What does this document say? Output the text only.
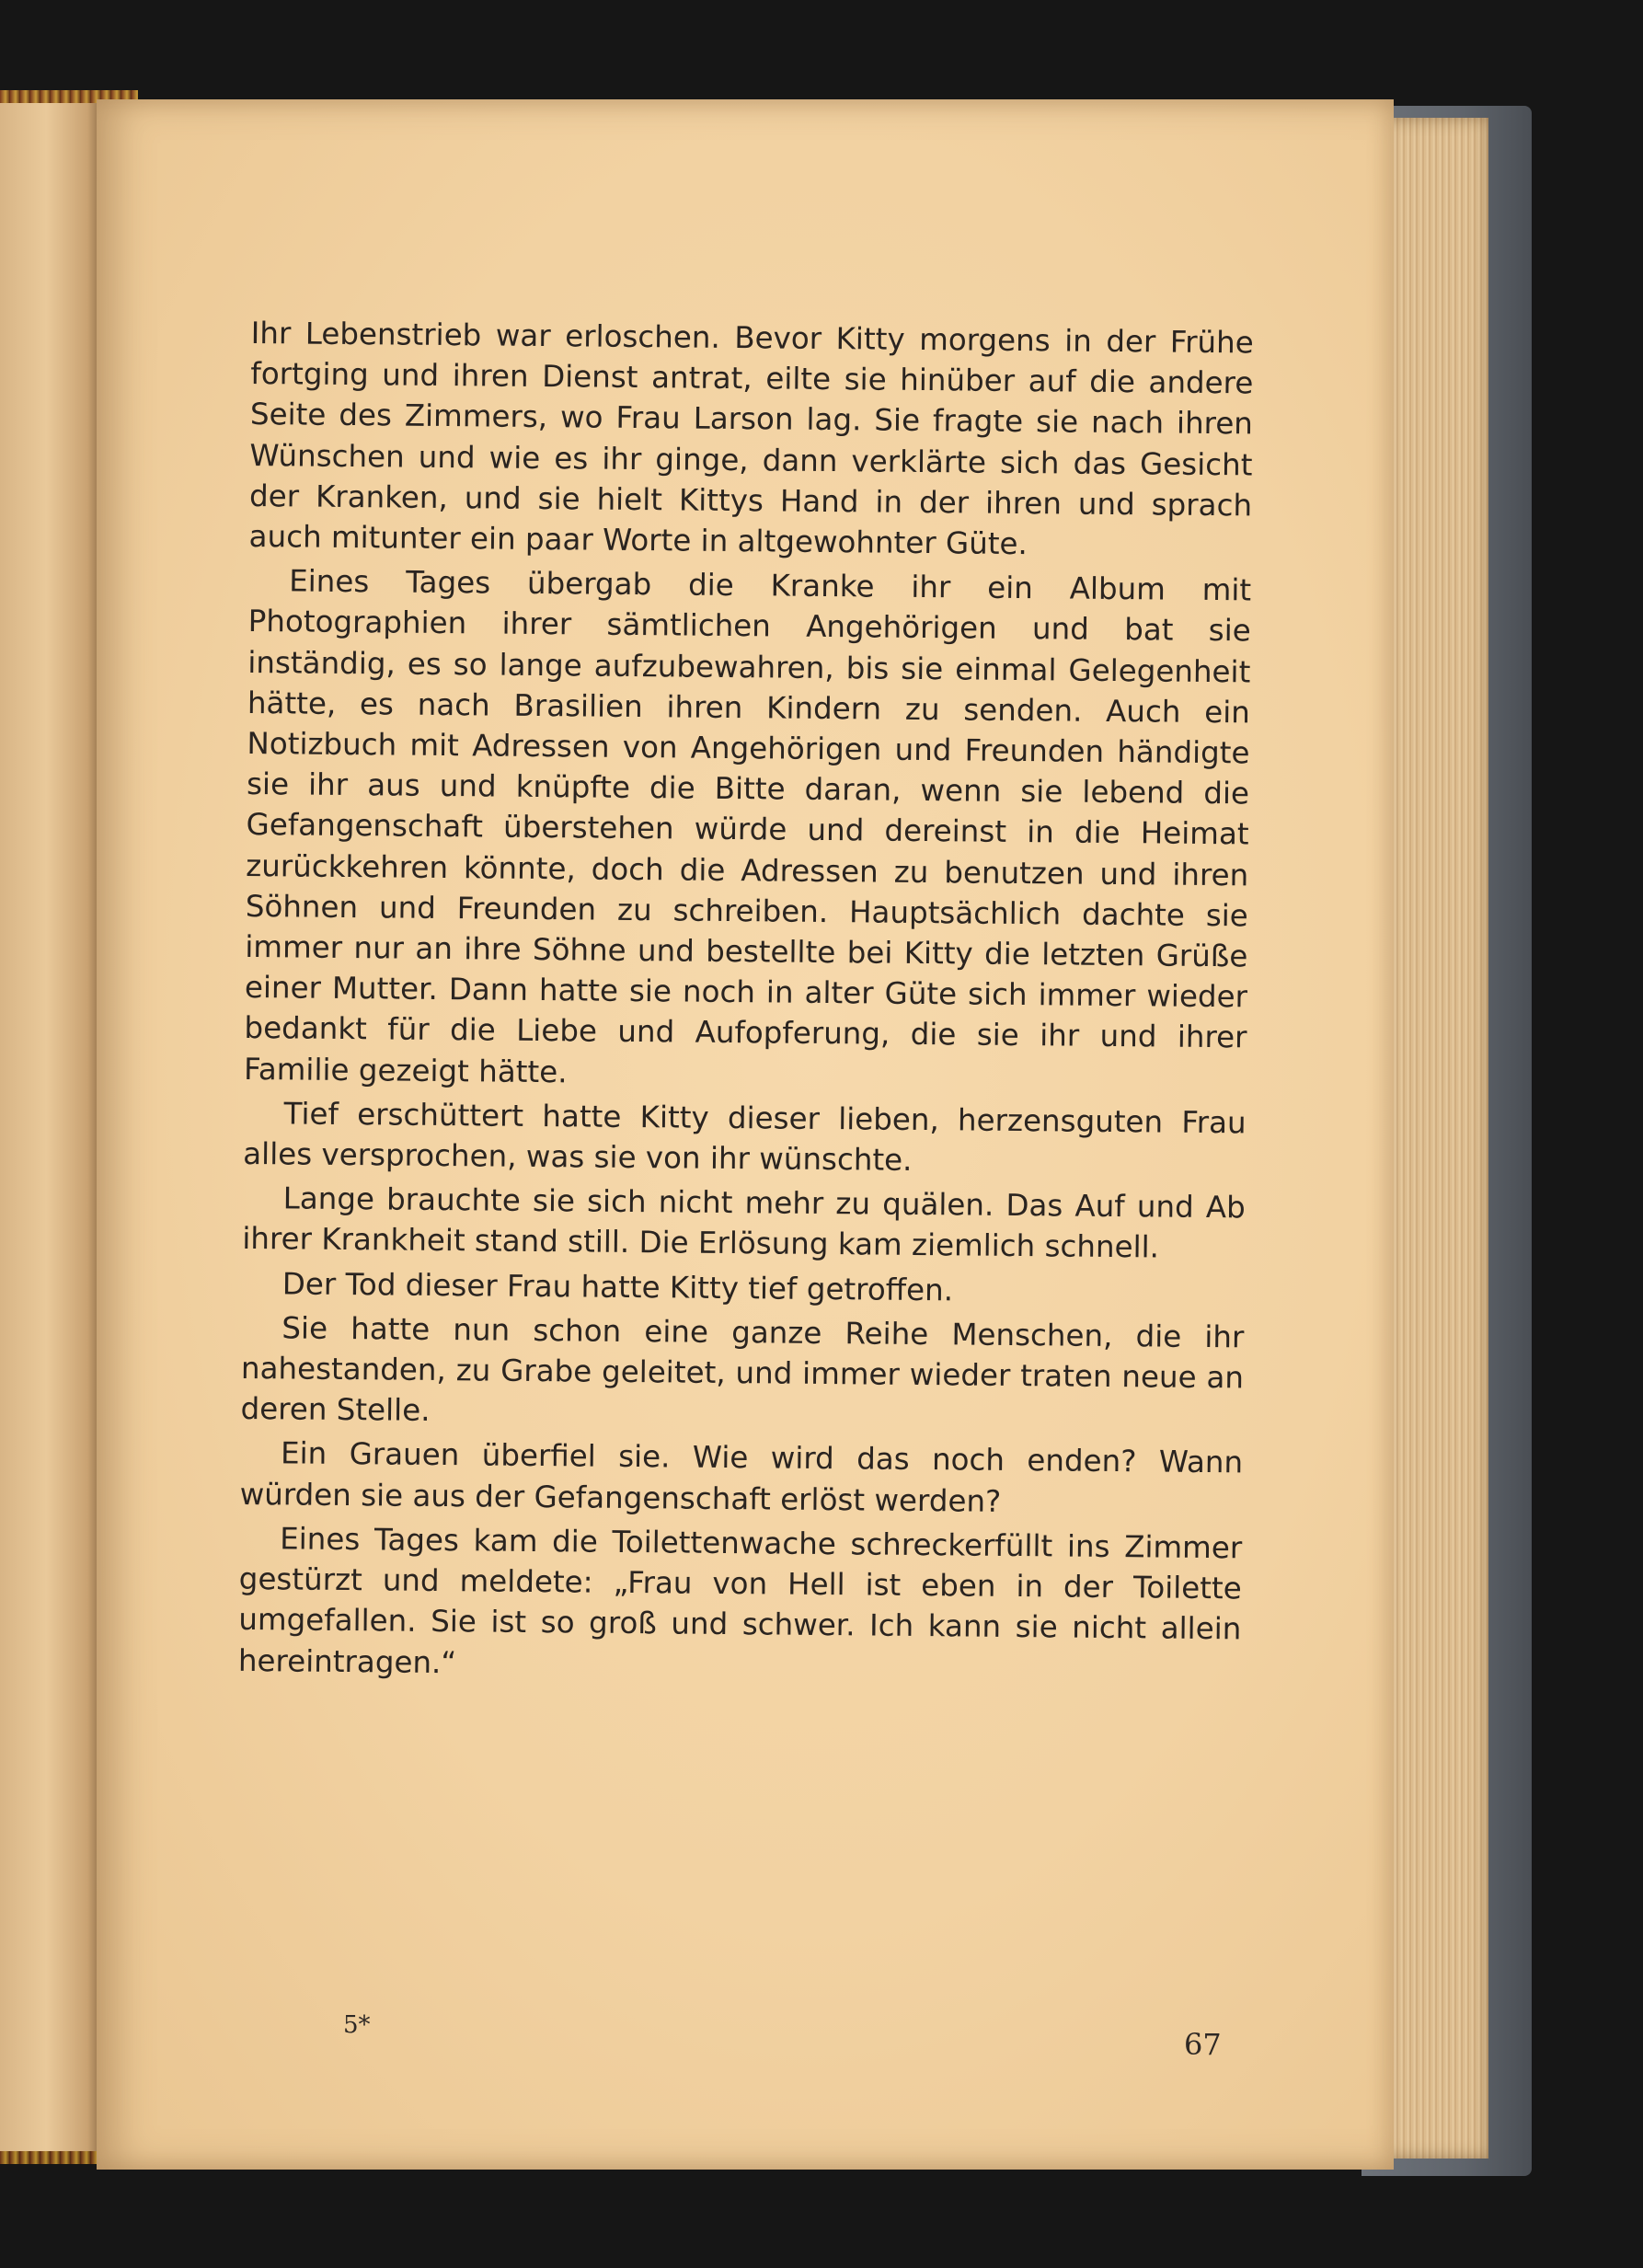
Ihr Lebenstrieb war erloschen. Bevor Kitty morgens in der Frühe fortging und ihren Dienst antrat, eilte sie hinüber auf die andere Seite des Zimmers, wo Frau Larson lag. Sie fragte sie nach ihren Wünschen und wie es ihr ginge, dann verklärte sich das Gesicht der Kranken, und sie hielt Kittys Hand in der ihren und sprach auch mitunter ein paar Worte in altgewohnter Güte.

Eines Tages übergab die Kranke ihr ein Album mit Photographien ihrer sämtlichen Angehörigen und bat sie inständig, es so lange aufzubewahren, bis sie einmal Gelegenheit hätte, es nach Brasilien ihren Kindern zu senden. Auch ein Notizbuch mit Adressen von Angehörigen und Freunden händigte sie ihr aus und knüpfte die Bitte daran, wenn sie lebend die Gefangenschaft überstehen würde und dereinst in die Heimat zurückkehren könnte, doch die Adressen zu benutzen und ihren Söhnen und Freunden zu schreiben. Hauptsächlich dachte sie immer nur an ihre Söhne und bestellte bei Kitty die letzten Grüße einer Mutter. Dann hatte sie noch in alter Güte sich immer wieder bedankt für die Liebe und Aufopferung, die sie ihr und ihrer Familie gezeigt hätte.

Tief erschüttert hatte Kitty dieser lieben, herzensguten Frau alles versprochen, was sie von ihr wünschte.

Lange brauchte sie sich nicht mehr zu quälen. Das Auf und Ab ihrer Krankheit stand still. Die Erlösung kam ziemlich schnell.

Der Tod dieser Frau hatte Kitty tief getroffen.

Sie hatte nun schon eine ganze Reihe Menschen, die ihr nahestanden, zu Grabe geleitet, und immer wieder traten neue an deren Stelle.

Ein Grauen überfiel sie. Wie wird das noch enden? Wann würden sie aus der Gefangenschaft erlöst werden?

Eines Tages kam die Toilettenwache schreckerfüllt ins Zimmer gestürzt und meldete: „Frau von Hell ist eben in der Toilette umgefallen. Sie ist so groß und schwer. Ich kann sie nicht allein hereintragen.“

5*
67
